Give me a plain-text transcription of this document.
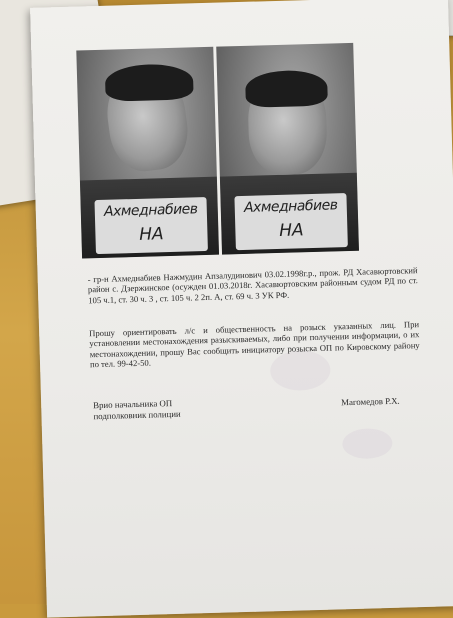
Ахмеднабиев
НА
Ахмеднабиев
НА
- гр-н Ахмеднабиев Нажмудин Апзалудинович 03.02.1998г.р., прож. РД Хасавюртовский район с. Дзержинское (осужден 01.03.2018г. Хасавюртовским районным судом РД по ст. 105 ч.1, ст. 30 ч. 3 , ст. 105 ч. 2 2п. А, ст. 69 ч. 3 УК РФ.
Прошу ориентировать л/с и общественность на розыск указанных лиц. При установлении местонахождения разыскиваемых, либо при получении информации, о их местонахождении, прошу Вас сообщить инициатору розыска ОП по Кировскому району по тел. 99-42-50.
Врио начальника ОП
подполковник полиции
Магомедов Р.Х.
